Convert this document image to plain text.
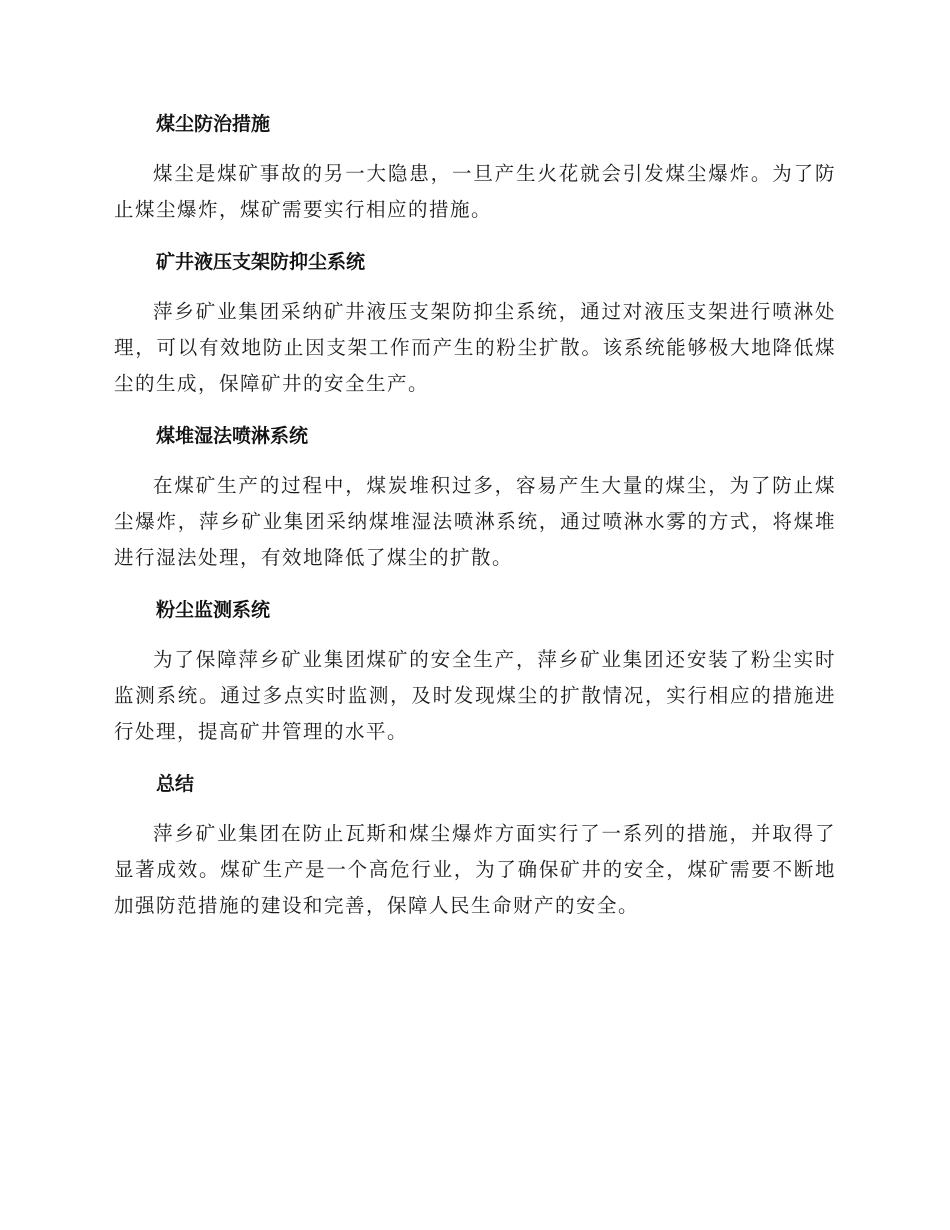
煤尘防治措施

煤尘是煤矿事故的另一大隐患，一旦产生火花就会引发煤尘爆炸。为了防止煤尘爆炸，煤矿需要实行相应的措施。

矿井液压支架防抑尘系统

萍乡矿业集团采纳矿井液压支架防抑尘系统，通过对液压支架进行喷淋处理，可以有效地防止因支架工作而产生的粉尘扩散。该系统能够极大地降低煤尘的生成，保障矿井的安全生产。

煤堆湿法喷淋系统

在煤矿生产的过程中，煤炭堆积过多，容易产生大量的煤尘，为了防止煤尘爆炸，萍乡矿业集团采纳煤堆湿法喷淋系统，通过喷淋水雾的方式，将煤堆进行湿法处理，有效地降低了煤尘的扩散。

粉尘监测系统

为了保障萍乡矿业集团煤矿的安全生产，萍乡矿业集团还安装了粉尘实时监测系统。通过多点实时监测，及时发现煤尘的扩散情况，实行相应的措施进行处理，提高矿井管理的水平。

总结

萍乡矿业集团在防止瓦斯和煤尘爆炸方面实行了一系列的措施，并取得了显著成效。煤矿生产是一个高危行业，为了确保矿井的安全，煤矿需要不断地加强防范措施的建设和完善，保障人民生命财产的安全。
